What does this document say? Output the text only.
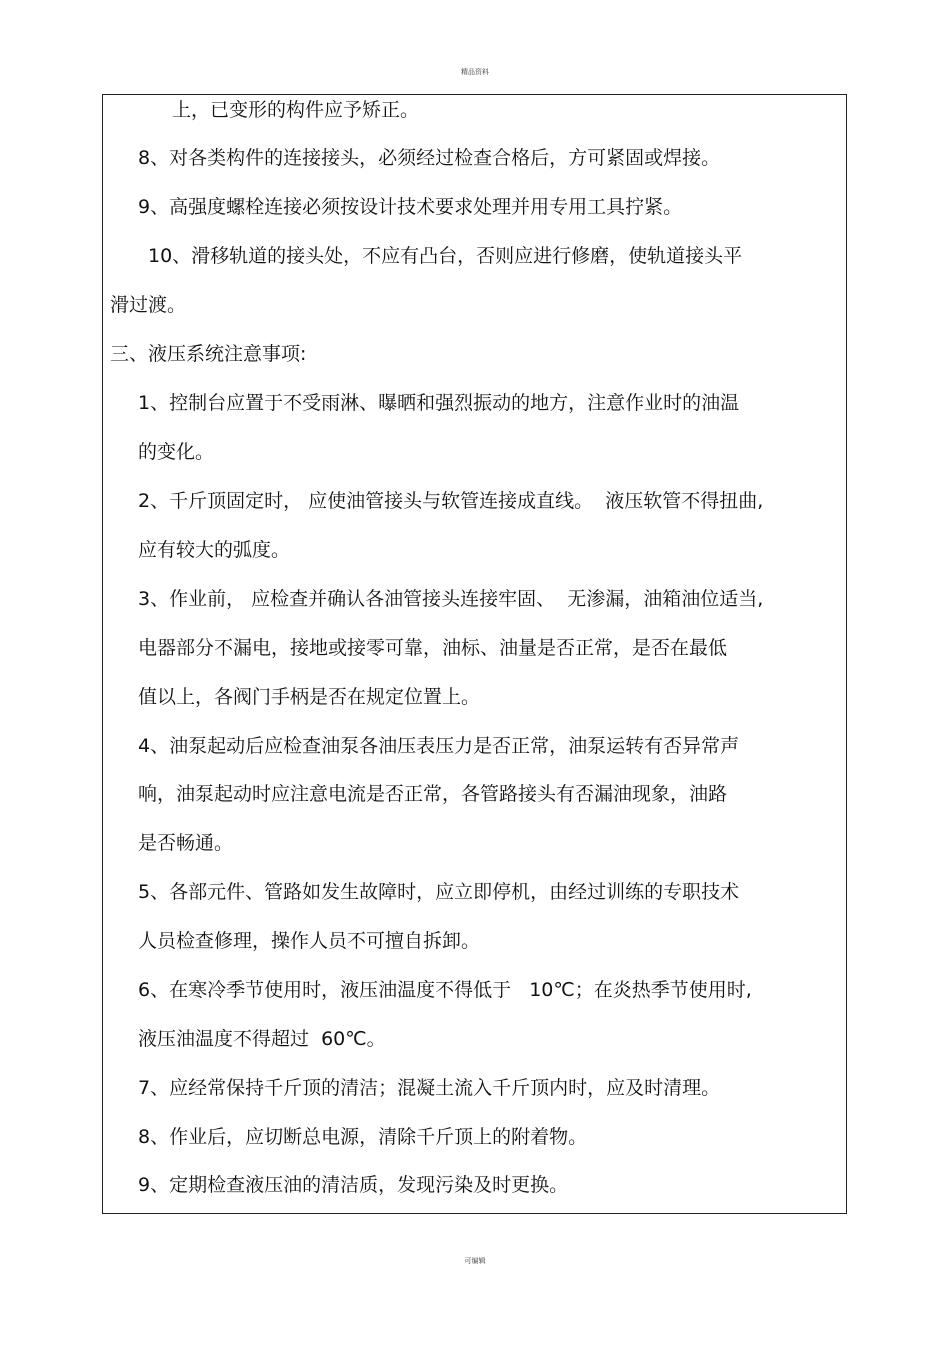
精品资料
上，已变形的构件应予矫正。
8、对各类构件的连接接头，必须经过检查合格后，方可紧固或焊接。
9、高强度螺栓连接必须按设计技术要求处理并用专用工具拧紧。
10、滑移轨道的接头处，不应有凸台，否则应进行修磨，使轨道接头平
滑过渡。
三、液压系统注意事项:
1、控制台应置于不受雨淋、曝晒和强烈振动的地方，注意作业时的油温
的变化。
2、千斤顶固定时， 应使油管接头与软管连接成直线。  液压软管不得扭曲,
应有较大的弧度。
3、作业前， 应检查并确认各油管接头连接牢固、  无渗漏，油箱油位适当,
电器部分不漏电，接地或接零可靠，油标、油量是否正常，是否在最低
值以上，各阀门手柄是否在规定位置上。
4、油泵起动后应检查油泵各油压表压力是否正常，油泵运转有否异常声
响，油泵起动时应注意电流是否正常，各管路接头有否漏油现象，油路
是否畅通。
5、各部元件、管路如发生故障时，应立即停机，由经过训练的专职技术
人员检查修理，操作人员不可擅自拆卸。
6、在寒冷季节使用时，液压油温度不得低于   10℃；在炎热季节使用时,
液压油温度不得超过  60℃。
7、应经常保持千斤顶的清洁；混凝土流入千斤顶内时，应及时清理。
8、作业后，应切断总电源，清除千斤顶上的附着物。
9、定期检查液压油的清洁质，发现污染及时更换。
可编辑
